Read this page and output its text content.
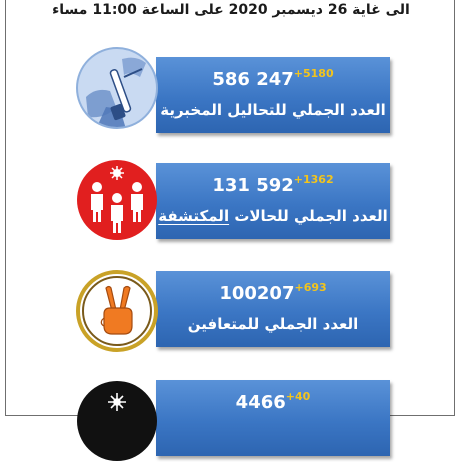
الى غاية 26 ديسمبر 2020 على الساعة 11:00 مساء
586 $247^{+5180}$
العدد الجملي للتحاليل المخبرية
131 $592^{+1362}$
العدد الجملي للحالات المكتشفة
$100207^{+693}$
العدد الجملي للمتعافين
$4466^{+40}$
